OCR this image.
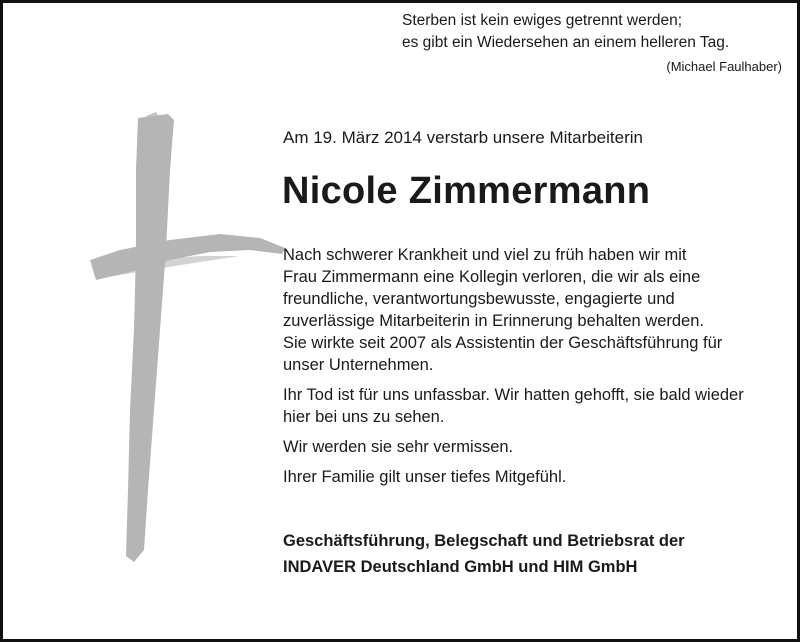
Sterben ist kein ewiges getrennt werden;
es gibt ein Wiedersehen an einem helleren Tag.
(Michael Faulhaber)
Am 19. März 2014 verstarb unsere Mitarbeiterin
Nicole Zimmermann

Nach schwerer Krankheit und viel zu früh haben wir mit
Frau Zimmermann eine Kollegin verloren, die wir als eine
freundliche, verantwortungsbewusste, engagierte und
zuverlässige Mitarbeiterin in Erinnerung behalten werden.
Sie wirkte seit 2007 als Assistentin der Geschäftsführung für
unser Unternehmen.

Ihr Tod ist für uns unfassbar. Wir hatten gehofft, sie bald wieder
hier bei uns zu sehen.

Wir werden sie sehr vermissen.

Ihrer Familie gilt unser tiefes Mitgefühl.

Geschäftsführung, Belegschaft und Betriebsrat der
INDAVER Deutschland GmbH und HIM GmbH
